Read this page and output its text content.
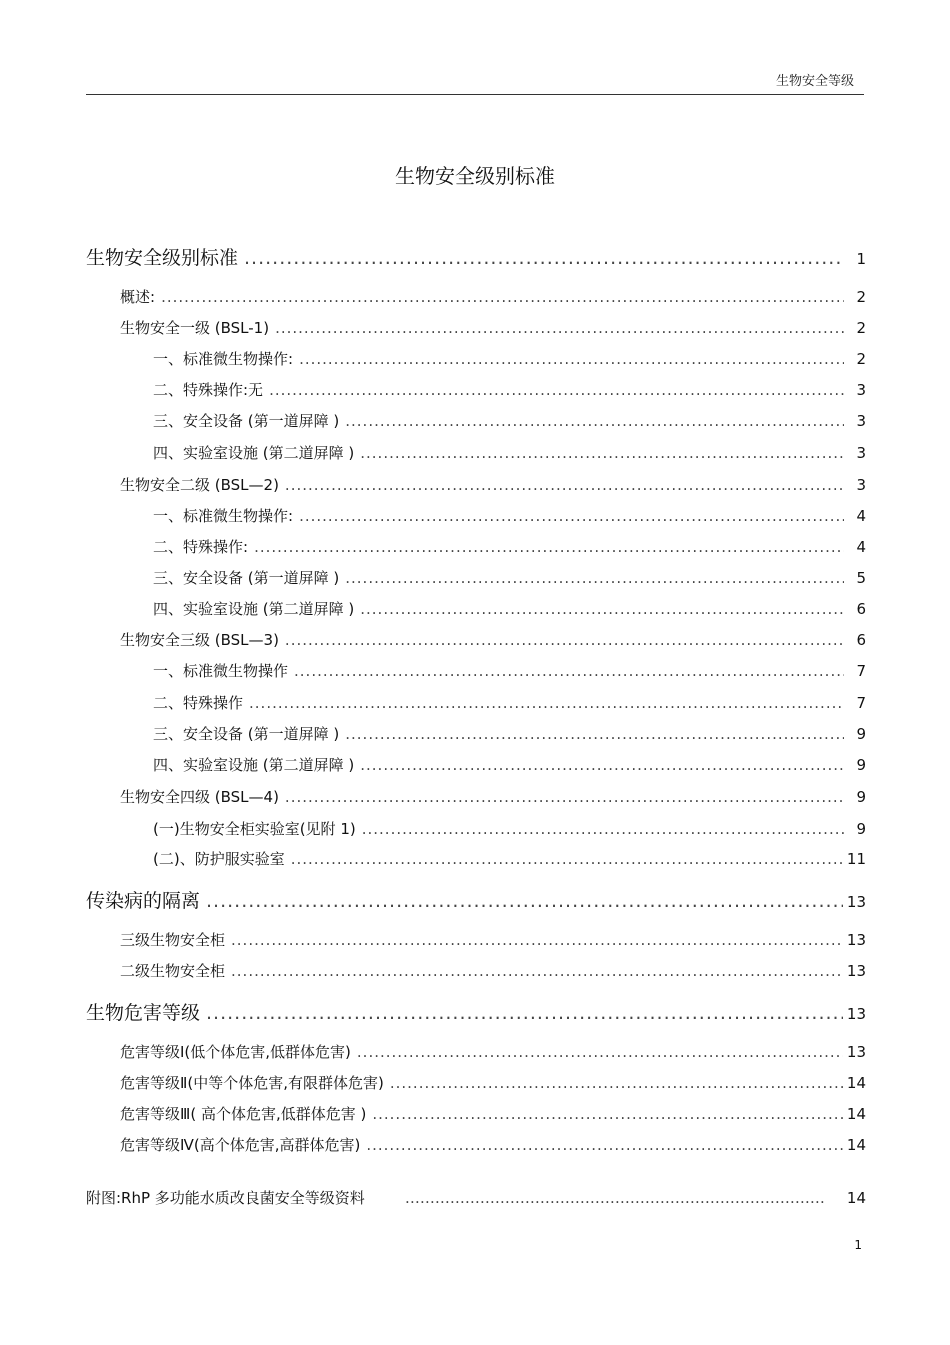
生物安全等级
生物安全级别标准
生物安全级别标准 .....	1
概述: .....	2
生物安全一级 (BSL-1) .....	2
一、标准微生物操作: .....	2
二、特殊操作:无 .....	3
三、安全设备 (第一道屏障 ) .....	3
四、实验室设施 (第二道屏障 ) .....	3
生物安全二级 (BSL—2) .....	3
一、标准微生物操作: .....	4
二、特殊操作: .....	4
三、安全设备 (第一道屏障 ) .....	5
四、实验室设施 (第二道屏障 ) .....	6
生物安全三级 (BSL—3) .....	6
一、标准微生物操作 .....	7
二、特殊操作 .....	7
三、安全设备 (第一道屏障 ) .....	9
四、实验室设施 (第二道屏障 ) .....	9
生物安全四级 (BSL—4) .....	9
(一)生物安全柜实验室(见附 1) .....	9
(二)、防护服实验室 .....	11
传染病的隔离 .....	13
三级生物安全柜 .....	13
二级生物安全柜 .....	13
生物危害等级 .....	13
危害等级Ⅰ(低个体危害,低群体危害) .....	13
危害等级Ⅱ(中等个体危害,有限群体危害) .....	14
危害等级Ⅲ( 高个体危害,低群体危害 ) .....	14
危害等级Ⅳ(高个体危害,高群体危害) .....	14
附图:RhP 多功能水质改良菌安全等级资料 ……………………………………………………………………………………………………………	14
1
